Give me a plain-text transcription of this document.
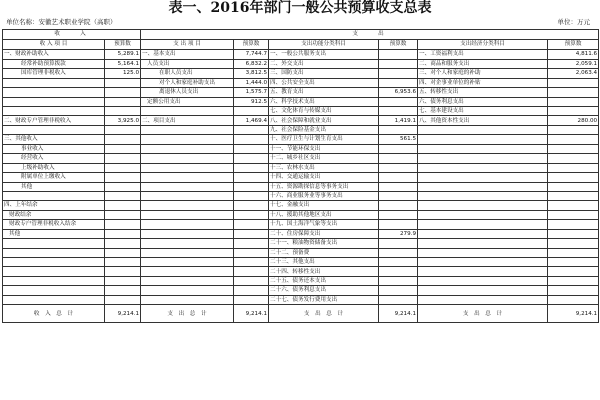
表一、2016年部门一般公共预算收支总表
单位名称：安徽艺术职业学院（高职）	单位：万元
收　　入		支　　出					
收 入 项 目	预算数	支 出 项 目	预算数	支出功能分类科目	预算数	支出经济分类科目	预算数
一、财政补助收入	5,289.1	一、基本支出	7,744.7	一、一般公共服务支出		一、工资福利支出	4,811.6
经常补助预算拨款	5,164.1	人员支出	6,832.2	二、外交支出		二、商品和服务支出	2,059.1
国库管理非税收入	125.0	在职人员支出	3,812.5	三、国防支出		三、对个人和家庭的补助	2,063.4
		对个人和家庭补助支出	1,444.0	四、公共安全支出		四、对企事业单位的补贴	
		离退休人员支出	1,575.7	五、教育支出	6,953.6	五、转移性支出	
		定额公用支出	912.5	六、科学技术支出		六、债务利息支出	
				七、文化体育与传媒支出		七、基本建设支出	
二、财政专户管理非税收入	3,925.0	二、项目支出	1,469.4	八、社会保障和就业支出	1,419.1	八、其他资本性支出	280.00
				九、社会保险基金支出			
三、其他收入				十、医疗卫生与计划生育支出	561.5		
事业收入				十一、节能环保支出			
经营收入				十二、城乡社区支出			
上级补助收入				十三、农林水支出			
附属单位上缴收入				十四、交通运输支出			
其他				十五、资源勘探信息等事务支出			
				十六、商业服务业等事务支出			
四、上年结余				十七、金融支出			
财政结余				十八、援助其他地区支出			
财政专户管理非税收入结余				十九、国土海洋气象等支出			
其他				二十、住房保障支出	279.9		
				二十一、粮油物资储备支出			
				二十二、预备费			
				二十三、其他支出			
				二十四、转移性支出			
				二十五、债务还本支出			
				二十六、债务利息支出			
				二十七、债务发行费用支出			
收　入　总　计	9,214.1	支　出　总　计	9,214.1	支　出　总　计	9,214.1	支　出　总　计	9,214.1
